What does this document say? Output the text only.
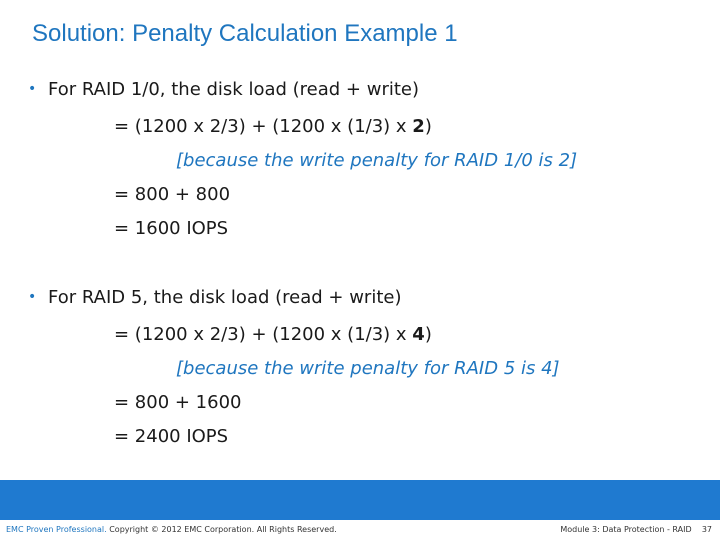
Solution: Penalty Calculation Example 1
• For RAID 1/0, the disk load (read + write)
= (1200 x 2/3) + (1200 x (1/3) x 2)
[because the write penalty for RAID 1/0 is 2]
= 800 + 800
= 1600 IOPS
• For RAID 5, the disk load (read + write)
= (1200 x 2/3) + (1200 x (1/3) x 4)
[because the write penalty for RAID 5 is 4]
= 800 + 1600
= 2400 IOPS
EMC Proven Professional. Copyright © 2012 EMC Corporation. All Rights Reserved.	Module 3: Data Protection - RAID 37
